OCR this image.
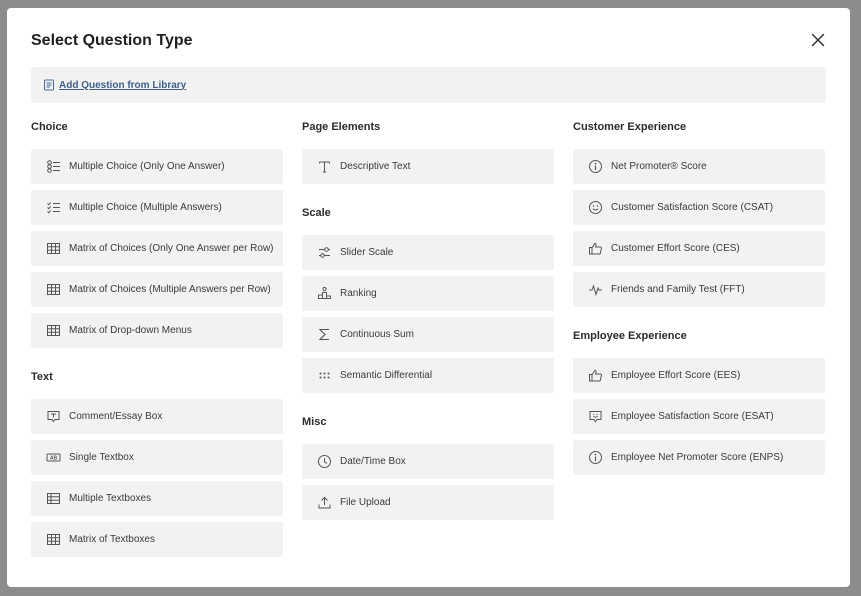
Select Question Type
Add Question from Library
Choice
Multiple Choice (Only One Answer)
Multiple Choice (Multiple Answers)
Matrix of Choices (Only One Answer per Row)
Matrix of Choices (Multiple Answers per Row)
Matrix of Drop-down Menus
Text
Comment/Essay Box
AB Single Textbox
Multiple Textboxes
Matrix of Textboxes
Page Elements
Descriptive Text
Scale
Slider Scale
Ranking
Continuous Sum
Semantic Differential
Misc
Date/Time Box
File Upload
Customer Experience
Net Promoter® Score
Customer Satisfaction Score (CSAT)
Customer Effort Score (CES)
Friends and Family Test (FFT)
Employee Experience
Employee Effort Score (EES)
Employee Satisfaction Score (ESAT)
Employee Net Promoter Score (ENPS)
